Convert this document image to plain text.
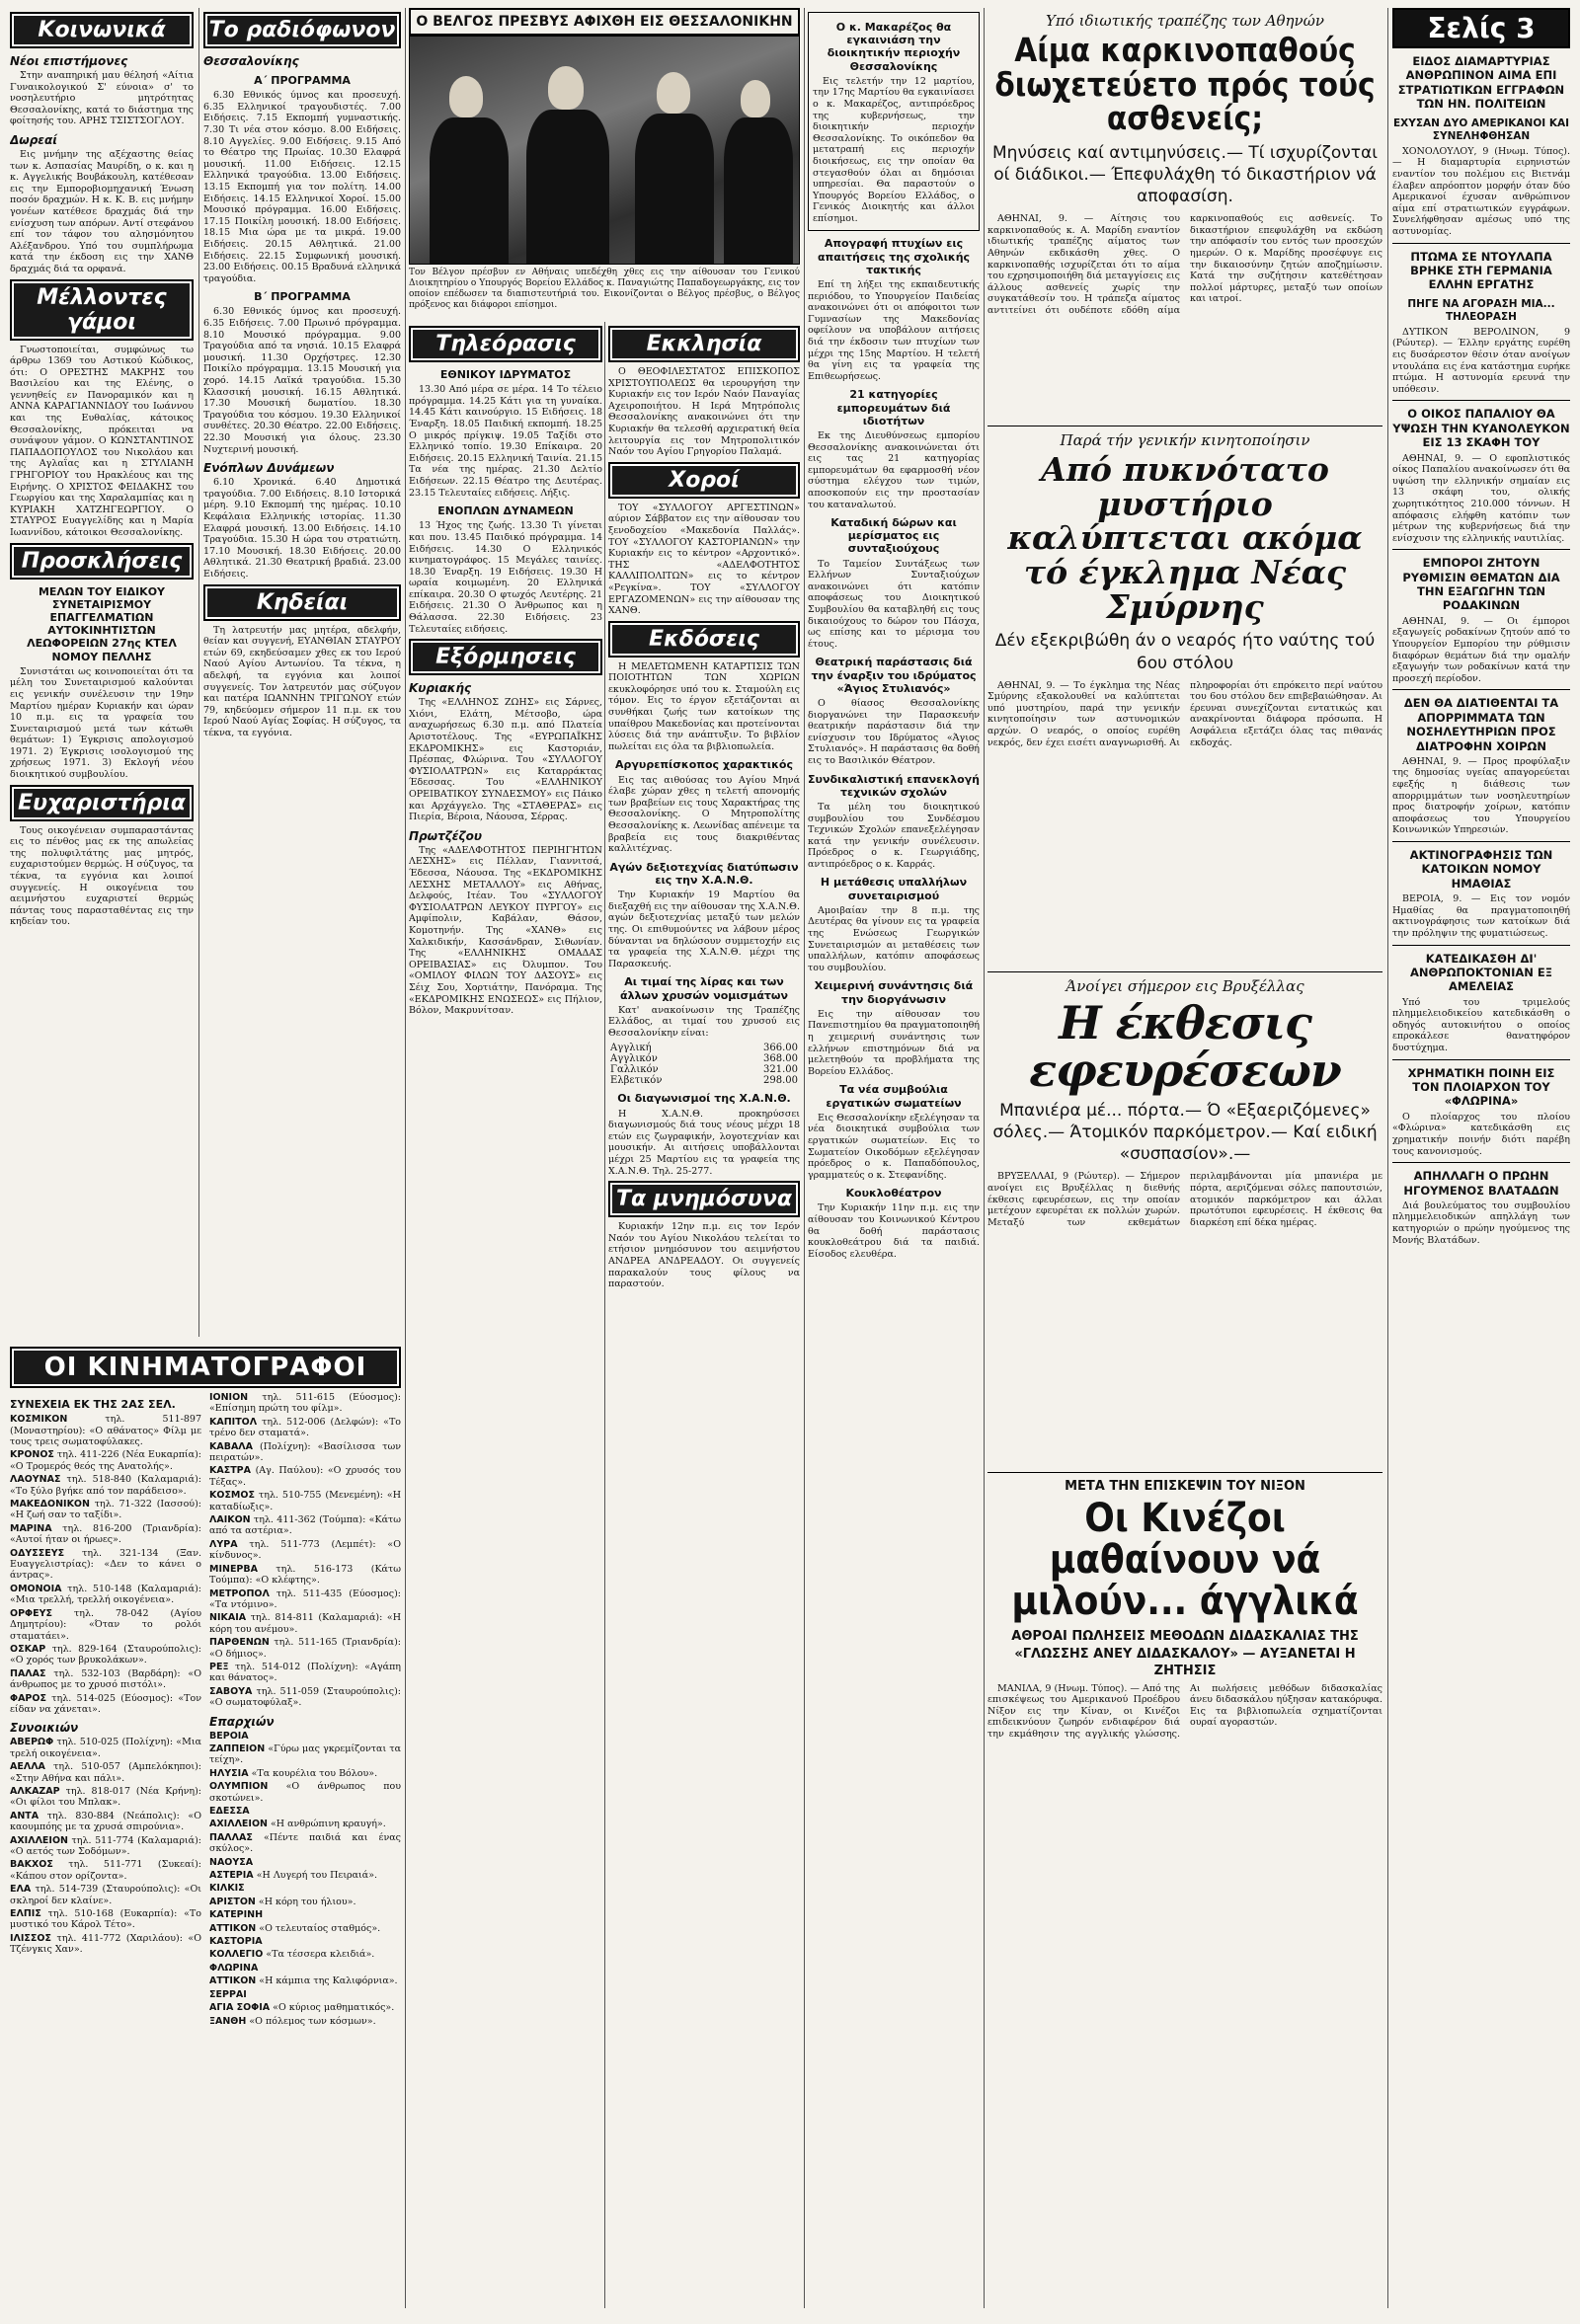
Κοινωνικά
Νέοι επιστήμονες
Στην αναπηρική μαυ θέλησή «Αίτια Γυναικολογικού Σ' εύνοια» σ' το νοσηλευτήριο μητρότητας Θεσσαλονίκης, κατά το διάστημα της φοίτησής του. ΑΡΗΣ ΤΣΙΣΤΣΟΓΛΟΥ.
Δωρεαί
Εις μνήμην της αξέχαστης θείας των κ. Ασπασίας Μαυρίδη, ο κ. και η κ. Αγγελικής Βουβάκουλη, κατέθεσαν εις την Εμποροβιομηχανική Ένωση ποσόν δραχμών. Η κ. Κ. Β. εις μνήμην γονέων κατέθεσε δραχμάς διά την ενίσχυση των απόρων. Αντί στεφάνου επί τον τάφον του αλησμόνητου Αλέξανδρου. Υπό του συμπλήρωμα κατά την έκδοση εις την ΧΑΝΘ δραχμάς διά τα ορφανά.
Μέλλοντες γάμοι
Γνωστοποιείται, συμφώνως τω άρθρω 1369 του Αστικού Κώδικος, ότι: Ο ΟΡΕΣΤΗΣ ΜΑΚΡΗΣ του Βασιλείου και της Ελένης, ο γεννηθείς εν Πανοραμικόν και η ΑΝΝΑ ΚΑΡΑΓΙΑΝΝΙΔΟΥ του Ιωάννου και της Ευθαλίας, κάτοικος Θεσσαλονίκης, πρόκειται να συνάψουν γάμον. Ο ΚΩΝΣΤΑΝΤΙΝΟΣ ΠΑΠΑΔΟΠΟΥΛΟΣ του Νικολάου και της Αγλαΐας και η ΣΤΥΛΙΑΝΗ ΓΡΗΓΟΡΙΟΥ του Ηρακλέους και της Ειρήνης. Ο ΧΡΙΣΤΟΣ ΦΕΙΔΑΚΗΣ του Γεωργίου και της Χαραλαμπίας και η ΚΥΡΙΑΚΗ ΧΑΤΖΗΓΕΩΡΓΙΟΥ. Ο ΣΤΑΥΡΟΣ Ευαγγελίδης και η Μαρία Ιωαννίδου, κάτοικοι Θεσσαλονίκης.
Προσκλήσεις
ΜΕΛΩΝ ΤΟΥ ΕΙΔΙΚΟΥ ΣΥΝΕΤΑΙΡΙΣΜΟΥ ΕΠΑΓΓΕΛΜΑΤΙΩΝ ΑΥΤΟΚΙΝΗΤΙΣΤΩΝ ΛΕΩΦΟΡΕΙΩΝ 27ης ΚΤΕΛ ΝΟΜΟΥ ΠΕΛΛΗΣ
Συνιστάται ως κοινοποιείται ότι τα μέλη του Συνεταιρισμού καλούνται εις γενικήν συνέλευσιν την 19ην Μαρτίου ημέραν Κυριακήν και ώραν 10 π.μ. εις τα γραφεία του Συνεταιρισμού μετά των κάτωθι θεμάτων: 1) Έγκρισις απολογισμού 1971. 2) Έγκρισις ισολογισμού της χρήσεως 1971. 3) Εκλογή νέου διοικητικού συμβουλίου.
Ευχαριστήρια
Τους οικογένειαν συμπαραστάντας εις το πένθος μας εκ της απωλείας της πολυφιλτάτης μας μητρός, ευχαριστούμεν θερμώς. Η σύζυγος, τα τέκνα, τα εγγόνια και λοιποί συγγενείς. Η οικογένεια του αειμνήστου ευχαριστεί θερμώς πάντας τους παρασταθέντας εις την κηδείαν του.
Το ραδιόφωνον
Θεσσαλονίκης
Α΄ ΠΡΟΓΡΑΜΜΑ
6.30 Εθνικός ύμνος και προσευχή. 6.35 Ελληνικοί τραγουδιστές. 7.00 Ειδήσεις. 7.15 Εκπομπή γυμναστικής. 7.30 Τι νέα στον κόσμο. 8.00 Ειδήσεις. 8.10 Αγγελίες. 9.00 Ειδήσεις. 9.15 Από το Θέατρο της Πρωίας. 10.30 Ελαφρά μουσική. 11.00 Ειδήσεις. 12.15 Ελληνικά τραγούδια. 13.00 Ειδήσεις. 13.15 Εκπομπή για τον πολίτη. 14.00 Ειδήσεις. 14.15 Ελληνικοί Χοροί. 15.00 Μουσικό πρόγραμμα. 16.00 Ειδήσεις. 17.15 Ποικίλη μουσική. 18.00 Ειδήσεις. 18.15 Μια ώρα με τα μικρά. 19.00 Ειδήσεις. 20.15 Αθλητικά. 21.00 Ειδήσεις. 22.15 Συμφωνική μουσική. 23.00 Ειδήσεις. 00.15 Βραδυνά ελληνικά τραγούδια.
Β΄ ΠΡΟΓΡΑΜΜΑ
6.30 Εθνικός ύμνος και προσευχή. 6.35 Ειδήσεις. 7.00 Πρωινό πρόγραμμα. 8.10 Μουσικό πρόγραμμα. 9.00 Τραγούδια από τα νησιά. 10.15 Ελαφρά μουσική. 11.30 Ορχήστρες. 12.30 Ποικίλο πρόγραμμα. 13.15 Μουσική για χορό. 14.15 Λαϊκά τραγούδια. 15.30 Κλασσική μουσική. 16.15 Αθλητικά. 17.30 Μουσική δωματίου. 18.30 Τραγούδια του κόσμου. 19.30 Ελληνικοί συνθέτες. 20.30 Θέατρο. 22.00 Ειδήσεις. 22.30 Μουσική για όλους. 23.30 Νυχτερινή μουσική.
Ενόπλων Δυνάμεων
6.10 Χρονικά. 6.40 Δημοτικά τραγούδια. 7.00 Ειδήσεις. 8.10 Ιστορικά μέρη. 9.10 Εκπομπή της ημέρας. 10.10 Κεφάλαια Ελληνικής ιστορίας. 11.30 Ελαφρά μουσική. 13.00 Ειδήσεις. 14.10 Τραγούδια. 15.30 Η ώρα του στρατιώτη. 17.10 Μουσική. 18.30 Ειδήσεις. 20.00 Αθλητικά. 21.30 Θεατρική βραδιά. 23.00 Ειδήσεις.
Κηδείαι
Τη λατρευτήν μας μητέρα, αδελφήν, θείαν και συγγενή, ΕΥΑΝΘΙΑΝ ΣΤΑΥΡΟΥ ετών 69, εκηδεύσαμεν χθες εκ του Ιερού Ναού Αγίου Αντωνίου. Τα τέκνα, η αδελφή, τα εγγόνια και λοιποί συγγενείς. Τον λατρευτόν μας σύζυγον και πατέρα ΙΩΑΝΝΗΝ ΤΡΙΓΩΝΟΥ ετών 79, κηδεύομεν σήμερον 11 π.μ. εκ του Ιερού Ναού Αγίας Σοφίας. Η σύζυγος, τα τέκνα, τα εγγόνια.
Ο ΒΕΛΓΟΣ ΠΡΕΣΒΥΣ ΑΦΙΧΘΗ ΕΙΣ ΘΕΣΣΑΛΟΝΙΚΗΝ
Τον Βέλγον πρέσβυν εν Αθήναις υπεδέχθη χθες εις την αίθουσαν του Γενικού Διοικητηρίου ο Υπουργός Βορείου Ελλάδος κ. Παναγιώτης Παπαδογεωργάκης, εις τον οποίον επέδωσεν τα διαπιστευτήριά του. Εικονίζονται ο Βέλγος πρέσβυς, ο Βέλγος πρόξενος και διάφοροι επίσημοι.
Τηλεόρασις
ΕΘΝΙΚΟΥ ΙΔΡΥΜΑΤΟΣ
13.30 Από μέρα σε μέρα. 14 Το τέλειο πρόγραμμα. 14.25 Κάτι για τη γυναίκα. 14.45 Κάτι καινούργιο. 15 Ειδήσεις. 18 Έναρξη. 18.05 Παιδική εκπομπή. 18.25 Ο μικρός πρίγκιψ. 19.05 Ταξίδι στο Ελληνικό τοπίο. 19.30 Επίκαιρα. 20 Ειδήσεις. 20.15 Ελληνική Ταινία. 21.15 Τα νέα της ημέρας. 21.30 Δελτίο Ειδήσεων. 22.15 Θέατρο της Δευτέρας. 23.15 Τελευταίες ειδήσεις. Λήξις.
ΕΝΟΠΛΩΝ ΔΥΝΑΜΕΩΝ
13 Ήχος της ζωής. 13.30 Τι γίνεται και που. 13.45 Παιδικό πρόγραμμα. 14 Ειδήσεις. 14.30 Ο Ελληνικός κινηματογράφος. 15 Μεγάλες ταινίες. 18.30 Έναρξη. 19 Ειδήσεις. 19.30 Η ωραία κοιμωμένη. 20 Ελληνικά επίκαιρα. 20.30 Ο φτωχός Λευτέρης. 21 Ειδήσεις. 21.30 Ο Άνθρωπος και η Θάλασσα. 22.30 Ειδήσεις. 23 Τελευταίες ειδήσεις.
Εξόρμησεις
Κυριακής
Της «ΕΛΛΗΝΟΣ ΖΩΗΣ» εις Σάρνες, Χιόνι, Ελάτη, Μέτσοβο, ώρα αναχωρήσεως 6.30 π.μ. από Πλατεία Αριστοτέλους. Της «ΕΥΡΩΠΑΪΚΗΣ ΕΚΔΡΟΜΙΚΗΣ» εις Καστοριάν, Πρέσπας, Φλώρινα. Του «ΣΥΛΛΟΓΟΥ ΦΥΣΙΟΛΑΤΡΩΝ» εις Καταρράκτας Έδεσσας. Του «ΕΛΛΗΝΙΚΟΥ ΟΡΕΙΒΑΤΙΚΟΥ ΣΥΝΔΕΣΜΟΥ» εις Πάικο και Αρχάγγελο. Της «ΣΤΑΘΕΡΑΣ» εις Πιερία, Βέροια, Νάουσα, Σέρρας.
Πρωτζέζου
Της «ΑΔΕΛΦΟΤΗΤΟΣ ΠΕΡΙΗΓΗΤΩΝ ΛΕΣΧΗΣ» εις Πέλλαν, Γιαννιτσά, Έδεσσα, Νάουσα. Της «ΕΚΔΡΟΜΙΚΗΣ ΛΕΣΧΗΣ ΜΕΤΑΛΛΟΥ» εις Αθήνας, Δελφούς, Ιτέαν. Του «ΣΥΛΛΟΓΟΥ ΦΥΣΙΟΛΑΤΡΩΝ ΛΕΥΚΟΥ ΠΥΡΓΟΥ» εις Αμφίπολιν, Καβάλαν, Θάσον, Κομοτηνήν. Της «ΧΑΝΘ» εις Χαλκιδικήν, Κασσάνδραν, Σιθωνίαν. Της «ΕΛΛΗΝΙΚΗΣ ΟΜΑΔΑΣ ΟΡΕΙΒΑΣΙΑΣ» εις Όλυμπον. Του «ΟΜΙΛΟΥ ΦΙΛΩΝ ΤΟΥ ΔΑΣΟΥΣ» εις Σέιχ Σου, Χορτιάτην, Πανόραμα. Της «ΕΚΔΡΟΜΙΚΗΣ ΕΝΩΣΕΩΣ» εις Πήλιον, Βόλον, Μακρυνίτσαν.
Εκκλησία
Ο ΘΕΟΦΙΛΕΣΤΑΤΟΣ ΕΠΙΣΚΟΠΟΣ ΧΡΙΣΤΟΥΠΟΛΕΩΣ θα ιερουργήση την Κυριακήν εις τον Ιερόν Ναόν Παναγίας Αχειροποιήτου. Η Ιερά Μητρόπολις Θεσσαλονίκης ανακοινώνει ότι την Κυριακήν θα τελεσθή αρχιερατική θεία λειτουργία εις τον Μητροπολιτικόν Ναόν του Αγίου Γρηγορίου Παλαμά.
Χοροί
ΤΟΥ «ΣΥΛΛΟΓΟΥ ΑΡΓΕΣΤΙΝΩΝ» αύριον Σάββατον εις την αίθουσαν του ξενοδοχείου «Μακεδονία Παλλάς». ΤΟΥ «ΣΥΛΛΟΓΟΥ ΚΑΣΤΟΡΙΑΝΩΝ» την Κυριακήν εις το κέντρον «Αρχοντικό». ΤΗΣ «ΑΔΕΛΦΟΤΗΤΟΣ ΚΑΛΛΙΠΟΛΙΤΩΝ» εις το κέντρον «Ρεγκίνα». ΤΟΥ «ΣΥΛΛΟΓΟΥ ΕΡΓΑΖΟΜΕΝΩΝ» εις την αίθουσαν της ΧΑΝΘ.
Εκδόσεις
Η ΜΕΛΕΤΩΜΕΝΗ ΚΑΤΑΡΤΙΣΙΣ ΤΩΝ ΠΟΙΟΤΗΤΩΝ ΤΩΝ ΧΩΡΙΩΝ εκυκλοφόρησε υπό του κ. Σταμούλη εις τόμον. Εις το έργον εξετάζονται αι συνθήκαι ζωής των κατοίκων της υπαίθρου Μακεδονίας και προτείνονται λύσεις διά την ανάπτυξιν. Το βιβλίον πωλείται εις όλα τα βιβλιοπωλεία.
Αργυρεπίσκοπος χαρακτικός
Εις τας αιθούσας του Αγίου Μηνά έλαβε χώραν χθες η τελετή απονομής των βραβείων εις τους Χαρακτήρας της Θεσσαλονίκης. Ο Μητροπολίτης Θεσσαλονίκης κ. Λεωνίδας απένειμε τα βραβεία εις τους διακριθέντας καλλιτέχνας.
Αγών δεξιοτεχνίας διατύπωσιν εις την Χ.Α.Ν.Θ.
Την Κυριακήν 19 Μαρτίου θα διεξαχθή εις την αίθουσαν της Χ.Α.Ν.Θ. αγών δεξιοτεχνίας μεταξύ των μελών της. Οι επιθυμούντες να λάβουν μέρος δύνανται να δηλώσουν συμμετοχήν εις τα γραφεία της Χ.Α.Ν.Θ. μέχρι της Παρασκευής.
Αι τιμαί της λίρας και των άλλων χρυσών νομισμάτων
Κατ' ανακοίνωσιν της Τραπέζης Ελλάδος, αι τιμαί του χρυσού εις Θεσσαλονίκην είναι:
Αγγλική	366.00
Αγγλικόν	368.00
Γαλλικόν	321.00
Ελβετικόν	298.00
Οι διαγωνισμοί της Χ.Α.Ν.Θ.
Η Χ.Α.Ν.Θ. προκηρύσσει διαγωνισμούς διά τους νέους μέχρι 18 ετών εις ζωγραφικήν, λογοτεχνίαν και μουσικήν. Αι αιτήσεις υποβάλλονται μέχρι 25 Μαρτίου εις τα γραφεία της Χ.Α.Ν.Θ. Τηλ. 25-277.
Τα μνημόσυνα
Κυριακήν 12ην π.μ. εις τον Ιερόν Ναόν του Αγίου Νικολάου τελείται το ετήσιον μνημόσυνον του αειμνήστου ΑΝΔΡΕΑ ΑΝΔΡΕΑΔΟΥ. Οι συγγενείς παρακαλούν τους φίλους να παραστούν.
Ο κ. Μακαρέζος θα εγκαινιάση την διοικητικήν περιοχήν Θεσσαλονίκης
Εις τελετήν την 12 μαρτίου, την 17ης Μαρτίου θα εγκαινίασει ο κ. Μακαρέζος, αντιπρόεδρος της κυβερνήσεως, την διοικητικήν περιοχήν Θεσσαλονίκης. Το οικόπεδον θα μετατραπή εις περιοχήν διοικήσεως, εις την οποίαν θα στεγασθούν όλαι αι δημόσιαι υπηρεσίαι. Θα παραστούν ο Υπουργός Βορείου Ελλάδος, ο Γενικός Διοικητής και άλλοι επίσημοι.
Απογραφή πτυχίων εις απαιτήσεις της σχολικής τακτικής
Επί τη λήξει της εκπαιδευτικής περιόδου, το Υπουργείον Παιδείας ανακοινώνει ότι οι απόφοιτοι των Γυμνασίων της Μακεδονίας οφείλουν να υποβάλουν αιτήσεις διά την έκδοσιν των πτυχίων των μέχρι της 15ης Μαρτίου. Η τελετή θα γίνη εις τα γραφεία της Επιθεωρήσεως.
21 κατηγορίες εμπορευμάτων διά ιδιοτήτων
Εκ της Διευθύνσεως εμπορίου Θεσσαλονίκης ανακοινώνεται ότι εις τας 21 κατηγορίας εμπορευμάτων θα εφαρμοσθή νέον σύστημα ελέγχου των τιμών, αποσκοπούν εις την προστασίαν του καταναλωτού.
Καταδική δώρων και μερίσματος εις συνταξιούχους
Το Ταμείον Συντάξεως των Ελλήνων Συνταξιούχων ανακοινώνει ότι κατόπιν αποφάσεως του Διοικητικού Συμβουλίου θα καταβληθή εις τους δικαιούχους το δώρον του Πάσχα, ως επίσης και το μέρισμα του έτους.
Θεατρική παράστασις διά την έναρξιν του ιδρύματος «Άγιος Στυλιανός»
Ο θίασος Θεσσαλονίκης διοργανώνει την Παρασκευήν θεατρικήν παράστασιν διά την ενίσχυσιν του Ιδρύματος «Άγιος Στυλιανός». Η παράστασις θα δοθή εις το Βασιλικόν Θέατρον.
Συνδικαλιστική επανεκλογή τεχνικών σχολών
Τα μέλη του διοικητικού συμβουλίου του Συνδέσμου Τεχνικών Σχολών επανεξελέγησαν κατά την γενικήν συνέλευσιν. Πρόεδρος ο κ. Γεωργιάδης, αντιπρόεδρος ο κ. Καρράς.
Η μετάθεσις υπαλλήλων συνεταιρισμού
Αμοιβαίαν την 8 π.μ. της Δευτέρας θα γίνουν εις τα γραφεία της Ενώσεως Γεωργικών Συνεταιρισμών αι μεταθέσεις των υπαλλήλων, κατόπιν αποφάσεως του συμβουλίου.
Χειμερινή συνάντησις διά την διοργάνωσιν
Εις την αίθουσαν του Πανεπιστημίου θα πραγματοποιηθή η χειμερινή συνάντησις των ελλήνων επιστημόνων διά να μελετηθούν τα προβλήματα της Βορείου Ελλάδος.
Τα νέα συμβούλια εργατικών σωματείων
Εις Θεσσαλονίκην εξελέγησαν τα νέα διοικητικά συμβούλια των εργατικών σωματείων. Εις το Σωματείον Οικοδόμων εξελέγησαν πρόεδρος ο κ. Παπαδόπουλος, γραμματεύς ο κ. Στεφανίδης.
Κουκλοθέατρον
Την Κυριακήν 11ην π.μ. εις την αίθουσαν του Κοινωνικού Κέντρου θα δοθή παράστασις κουκλοθεάτρου διά τα παιδιά. Είσοδος ελευθέρα.
Υπό ιδιωτικής τραπέζης των Αθηνών
Αίμα καρκινοπαθούς διωχετεύετο πρός τούς ασθενείς;
Μηνύσεις καί αντιμηνύσεις.— Τί ισχυρίζονται οί διάδικοι.— Έπεφυλάχθη τό δικαστήριον νά αποφασίση.
ΑΘΗΝΑΙ, 9. — Αίτησις του καρκινοπαθούς κ. Α. Μαρίδη εναντίον ιδιωτικής τραπέζης αίματος των Αθηνών εκδικάσθη χθες. Ο καρκινοπαθής ισχυρίζεται ότι το αίμα του εχρησιμοποιήθη διά μεταγγίσεις εις άλλους ασθενείς χωρίς την συγκατάθεσίν του. Η τράπεζα αίματος αντιτείνει ότι ουδέποτε εδόθη αίμα καρκινοπαθούς εις ασθενείς. Το δικαστήριον επεφυλάχθη να εκδώση την απόφασίν του εντός των προσεχών ημερών. Ο κ. Μαρίδης προσέφυγε εις την δικαιοσύνην ζητών αποζημίωσιν. Κατά την συζήτησιν κατεθέτησαν πολλοί μάρτυρες, μεταξύ των οποίων και ιατροί.
Παρά τήν γενικήν κινητοποίησιν
Από πυκνότατο μυστήριο καλύπτεται ακόμα τό έγκλημα Νέας Σμύρνης
Δέν εξεκριβώθη άν ο νεαρός ήτο ναύτης τού 6ου στόλου
ΑΘΗΝΑΙ, 9. — Το έγκλημα της Νέας Σμύρνης εξακολουθεί να καλύπτεται υπό μυστηρίου, παρά την γενικήν κινητοποίησιν των αστυνομικών αρχών. Ο νεαρός, ο οποίος ευρέθη νεκρός, δεν έχει εισέτι αναγνωρισθή. Αι πληροφορίαι ότι επρόκειτο περί ναύτου του 6ου στόλου δεν επιβεβαιώθησαν. Αι έρευναι συνεχίζονται εντατικώς και ανακρίνονται διάφορα πρόσωπα. Η Ασφάλεια εξετάζει όλας τας πιθανάς εκδοχάς.
Άνοίγει σήμερον εις Βρυξέλλας
Η έκθεσις εφευρέσεων
Μπανιέρα μέ... πόρτα.— Ό «Εξαεριζόμενες» σόλες.— Άτομικόν παρκόμετρον.— Καί ειδική «συσπασίον».—
ΒΡΥΞΕΛΛΑΙ, 9 (Ρώυτερ). — Σήμερον ανοίγει εις Βρυξέλλας η διεθνής έκθεσις εφευρέσεων, εις την οποίαν μετέχουν εφευρέται εκ πολλών χωρών. Μεταξύ των εκθεμάτων περιλαμβάνονται μία μπανιέρα με πόρτα, αεριζόμεναι σόλες παπουτσιών, ατομικόν παρκόμετρον και άλλαι πρωτότυποι εφευρέσεις. Η έκθεσις θα διαρκέση επί δέκα ημέρας.
ΜΕΤΑ ΤΗΝ ΕΠΙΣΚΕΨΙΝ ΤΟΥ ΝΙΞΟΝ
Οι Κινέζοι μαθαίνουν νά μιλούν... άγγλικά
ΑΘΡΟΑΙ ΠΩΛΗΣΕΙΣ ΜΕΘΟΔΩΝ ΔΙΔΑΣΚΑΛΙΑΣ ΤΗΣ «ΓΛΩΣΣΗΣ ΑΝΕΥ ΔΙΔΑΣΚΑΛΟΥ» — ΑΥΞΑΝΕΤΑΙ Η ΖΗΤΗΣΙΣ
ΜΑΝΙΛΑ, 9 (Ηνωμ. Τύπος). — Από της επισκέψεως του Αμερικανού Προέδρου Νίξον εις την Κίναν, οι Κινέζοι επιδεικνύουν ζωηρόν ενδιαφέρον διά την εκμάθησιν της αγγλικής γλώσσης. Αι πωλήσεις μεθόδων διδασκαλίας άνευ διδασκάλου ηύξησαν κατακόρυφα. Εις τα βιβλιοπωλεία σχηματίζονται ουραί αγοραστών.
Σελίς 3
ΕΙΔΟΣ ΔΙΑΜΑΡΤΥΡΙΑΣ ΑΝΘΡΩΠΙΝΟΝ ΑΙΜΑ ΕΠΙ ΣΤΡΑΤΙΩΤΙΚΩΝ ΕΓΓΡΑΦΩΝ ΤΩΝ ΗΝ. ΠΟΛΙΤΕΙΩΝ
ΕΧΥΣΑΝ ΔΥΟ ΑΜΕΡΙΚΑΝΟΙ ΚΑΙ ΣΥΝΕΛΗΦΘΗΣΑΝ
ΧΟΝΟΛΟΥΛΟΥ, 9 (Ηνωμ. Τύπος). — Η διαμαρτυρία ειρηνιστών εναντίον του πολέμου εις Βιετνάμ έλαβεν απρόοπτον μορφήν όταν δύο Αμερικανοί έχυσαν ανθρώπινον αίμα επί στρατιωτικών εγγράφων. Συνελήφθησαν αμέσως υπό της αστυνομίας.
ΠΤΩΜΑ ΣΕ ΝΤΟΥΛΑΠΑ ΒΡΗΚΕ ΣΤΗ ΓΕΡΜΑΝΙΑ ΕΛΛΗΝ ΕΡΓΑΤΗΣ
ΠΗΓΕ ΝΑ ΑΓΟΡΑΣΗ ΜΙΑ... ΤΗΛΕΟΡΑΣΗ
ΔΥΤΙΚΟΝ ΒΕΡΟΛΙΝΟΝ, 9 (Ρώυτερ). — Έλλην εργάτης ευρέθη εις δυσάρεστον θέσιν όταν ανοίγων ντουλάπα εις ένα κατάστημα ευρήκε πτώμα. Η αστυνομία ερευνά την υπόθεσιν.
Ο ΟΙΚΟΣ ΠΑΠΑΛΙΟΥ ΘΑ ΥΨΩΣΗ ΤΗΝ ΚΥΑΝΟΛΕΥΚΟΝ ΕΙΣ 13 ΣΚΑΦΗ ΤΟΥ
ΑΘΗΝΑΙ, 9. — Ο εφοπλιστικός οίκος Παπαλίου ανακοίνωσεν ότι θα υψώση την ελληνικήν σημαίαν εις 13 σκάφη του, ολικής χωρητικότητος 210.000 τόννων. Η απόφασις ελήφθη κατόπιν των μέτρων της κυβερνήσεως διά την ενίσχυσιν της ελληνικής ναυτιλίας.
ΕΜΠΟΡΟΙ ΖΗΤΟΥΝ ΡΥΘΜΙΣΙΝ ΘΕΜΑΤΩΝ ΔΙΑ ΤΗΝ ΕΞΑΓΩΓΗΝ ΤΩΝ ΡΟΔΑΚΙΝΩΝ
ΑΘΗΝΑΙ, 9. — Οι έμποροι εξαγωγείς ροδακίνων ζητούν από το Υπουργείον Εμπορίου την ρύθμισιν διαφόρων θεμάτων διά την ομαλήν εξαγωγήν των ροδακίνων κατά την προσεχή περίοδον.
ΔΕΝ ΘΑ ΔΙΑΤΙΘΕΝΤΑΙ ΤΑ ΑΠΟΡΡΙΜΜΑΤΑ ΤΩΝ ΝΟΣΗΛΕΥΤΗΡΙΩΝ ΠΡΟΣ ΔΙΑΤΡΟΦΗΝ ΧΟΙΡΩΝ
ΑΘΗΝΑΙ, 9. — Προς προφύλαξιν της δημοσίας υγείας απαγορεύεται εφεξής η διάθεσις των απορριμμάτων των νοσηλευτηρίων προς διατροφήν χοίρων, κατόπιν αποφάσεως του Υπουργείου Κοινωνικών Υπηρεσιών.
ΑΚΤΙΝΟΓΡΑΦΗΣΙΣ ΤΩΝ ΚΑΤΟΙΚΩΝ ΝΟΜΟΥ ΗΜΑΘΙΑΣ
ΒΕΡΟΙΑ, 9. — Εις τον νομόν Ημαθίας θα πραγματοποιηθή ακτινογράφησις των κατοίκων διά την πρόληψιν της φυματιώσεως.
ΚΑΤΕΔΙΚΑΣΘΗ ΔΙ' ΑΝΘΡΩΠΟΚΤΟΝΙΑΝ ΕΞ ΑΜΕΛΕΙΑΣ
Υπό του τριμελούς πλημμελειοδικείου κατεδικάσθη ο οδηγός αυτοκινήτου ο οποίος επροκάλεσε θανατηφόρον δυστύχημα.
ΧΡΗΜΑΤΙΚΗ ΠΟΙΝΗ ΕΙΣ ΤΟΝ ΠΛΟΙΑΡΧΟΝ ΤΟΥ «ΦΛΩΡΙΝΑ»
Ο πλοίαρχος του πλοίου «Φλώρινα» κατεδικάσθη εις χρηματικήν ποινήν διότι παρέβη τους κανονισμούς.
ΑΠΗΛΛΑΓΗ Ο ΠΡΩΗΝ ΗΓΟΥΜΕΝΟΣ ΒΛΑΤΑΔΩΝ
Διά βουλεύματος του συμβουλίου πλημμελειοδικών απηλλάγη των κατηγοριών ο πρώην ηγούμενος της Μονής Βλατάδων.
ΟΙ ΚΙΝΗΜΑΤΟΓΡΑΦΟΙ
ΣΥΝΕΧΕΙΑ ΕΚ ΤΗΣ 2ΑΣ ΣΕΛ.
ΚΟΣΜΙΚΟΝ	τηλ. 511-897 (Μοναστηρίου): «Ο αθάνατος» Φίλμ με τους τρεις σωματοφύλακες.
ΚΡΟΝΟΣ τηλ. 411-226 (Νέα Ευκαρπία): «Ο Τρομερός θεός της Ανατολής».
ΛΑΟΥΝΑΣ τηλ. 518-840 (Καλαμαριά): «Το ξύλο βγήκε από τον παράδεισο».
ΜΑΚΕΔΟΝΙΚΟΝ τηλ. 71-322 (Ιασσού): «Η ζωή σαν το ταξίδι».
ΜΑΡΙΝΑ τηλ. 816-200 (Τριανδρία): «Αυτοί ήταν οι ήρωες».
ΟΔΥΣΣΕΥΣ τηλ. 321-134 (Ξαν. Ευαγγελιστρίας): «Δεν το κάνει ο άντρας».
ΟΜΟΝΟΙΑ τηλ. 510-148 (Καλαμαριά): «Μια τρελλή, τρελλή οικογένεια».
ΟΡΦΕΥΣ τηλ. 78-042 (Αγίου Δημητρίου): «Όταν το ρολόι σταματάει».
ΟΣΚΑΡ τηλ. 829-164 (Σταυρούπολις): «Ο χορός των βρυκολάκων».
ΠΑΛΑΣ τηλ. 532-103 (Βαρδάρη): «Ο άνθρωπος με το χρυσό πιστόλι».
ΦΑΡΟΣ τηλ. 514-025 (Εύοσμος): «Τον είδαν να χάνεται».
Συνοικιών
ΑΒΕΡΩΦ τηλ. 510-025 (Πολίχνη): «Μια τρελή οικογένεια».
ΑΕΛΛΑ τηλ. 510-057 (Αμπελόκηποι): «Στην Αθήνα και πάλι».
ΑΛΚΑΖΑΡ τηλ. 818-017 (Νέα Κρήνη): «Οι φίλοι του Μπλακ».
ΑΝΤΑ τηλ. 830-884 (Νεάπολις): «Ο καουμπόης με τα χρυσά σπιρούνια».
ΑΧΙΛΛΕΙΟΝ τηλ. 511-774 (Καλαμαριά): «Ο αετός των Σοδόμων».
ΒΑΚΧΟΣ τηλ. 511-771 (Συκεαί): «Κάπου στον ορίζοντα».
ΕΛΑ τηλ. 514-739 (Σταυρούπολις): «Οι σκληροί δεν κλαίνε».
ΕΛΠΙΣ τηλ. 510-168 (Ευκαρπία): «Το μυστικό του Κάρολ Τέτο».
ΙΛΙΣΣΟΣ τηλ. 411-772 (Χαριλάου): «Ο Τζένγκις Χαν».
ΙΟΝΙΟΝ τηλ. 511-615 (Εύοσμος): «Επίσημη πρώτη του φίλμ».
ΚΑΠΙΤΟΛ τηλ. 512-006 (Δελφών): «Το τρένο δεν σταματά».
ΚΑΒΑΛΑ (Πολίχνη): «Βασίλισσα των πειρατών».
ΚΑΣΤΡΑ (Αγ. Παύλου): «Ο χρυσός του Τέξας».
ΚΟΣΜΟΣ τηλ. 510-755 (Μενεμένη): «Η καταδίωξις».
ΛΑΙΚΟΝ τηλ. 411-362 (Τούμπα): «Κάτω από τα αστέρια».
ΛΥΡΑ τηλ. 511-773 (Λεμπέτ): «Ο κίνδυνος».
ΜΙΝΕΡΒΑ τηλ. 516-173 (Κάτω Τούμπα): «Ο κλέφτης».
ΜΕΤΡΟΠΟΛ τηλ. 511-435 (Εύοσμος): «Τα ντόμινο».
ΝΙΚΑΙΑ τηλ. 814-811 (Καλαμαριά): «Η κόρη του ανέμου».
ΠΑΡΘΕΝΩΝ τηλ. 511-165 (Τριανδρία): «Ο δήμιος».
ΡΕΞ τηλ. 514-012 (Πολίχνη): «Αγάπη και θάνατος».
ΣΑΒΟΥΑ τηλ. 511-059 (Σταυρούπολις): «Ο σωματοφύλαξ».
Επαρχιών
ΒΕΡΟΙΑ
ΖΑΠΠΕΙΟΝ «Γύρω μας γκρεμίζονται τα τείχη».
ΗΛΥΣΙΑ «Τα κουρέλια του Βόλου».
ΟΛΥΜΠΙΟΝ «Ο άνθρωπος που σκοτώνει».
ΕΔΕΣΣΑ
ΑΧΙΛΛΕΙΟΝ «Η ανθρώπινη κραυγή».
ΠΑΛΛΑΣ «Πέντε παιδιά και ένας σκύλος».
ΝΑΟΥΣΑ
ΑΣΤΕΡΙΑ «Η Λυγερή του Πειραιά».
ΚΙΛΚΙΣ
ΑΡΙΣΤΟΝ «Η κόρη του ήλιου».
ΚΑΤΕΡΙΝΗ
ΑΤΤΙΚΟΝ «Ο τελευταίος σταθμός».
ΚΑΣΤΟΡΙΑ
ΚΟΛΛΕΓΙΟ «Τα τέσσερα κλειδιά».
ΦΛΩΡΙΝΑ
ΑΤΤΙΚΟΝ «Η κάμπια της Καλιφόρνια».
ΣΕΡΡΑΙ
ΑΓΙΑ ΣΟΦΙΑ «Ο κύριος μαθηματικός».
ΞΑΝΘΗ «Ο πόλεμος των κόσμων».
